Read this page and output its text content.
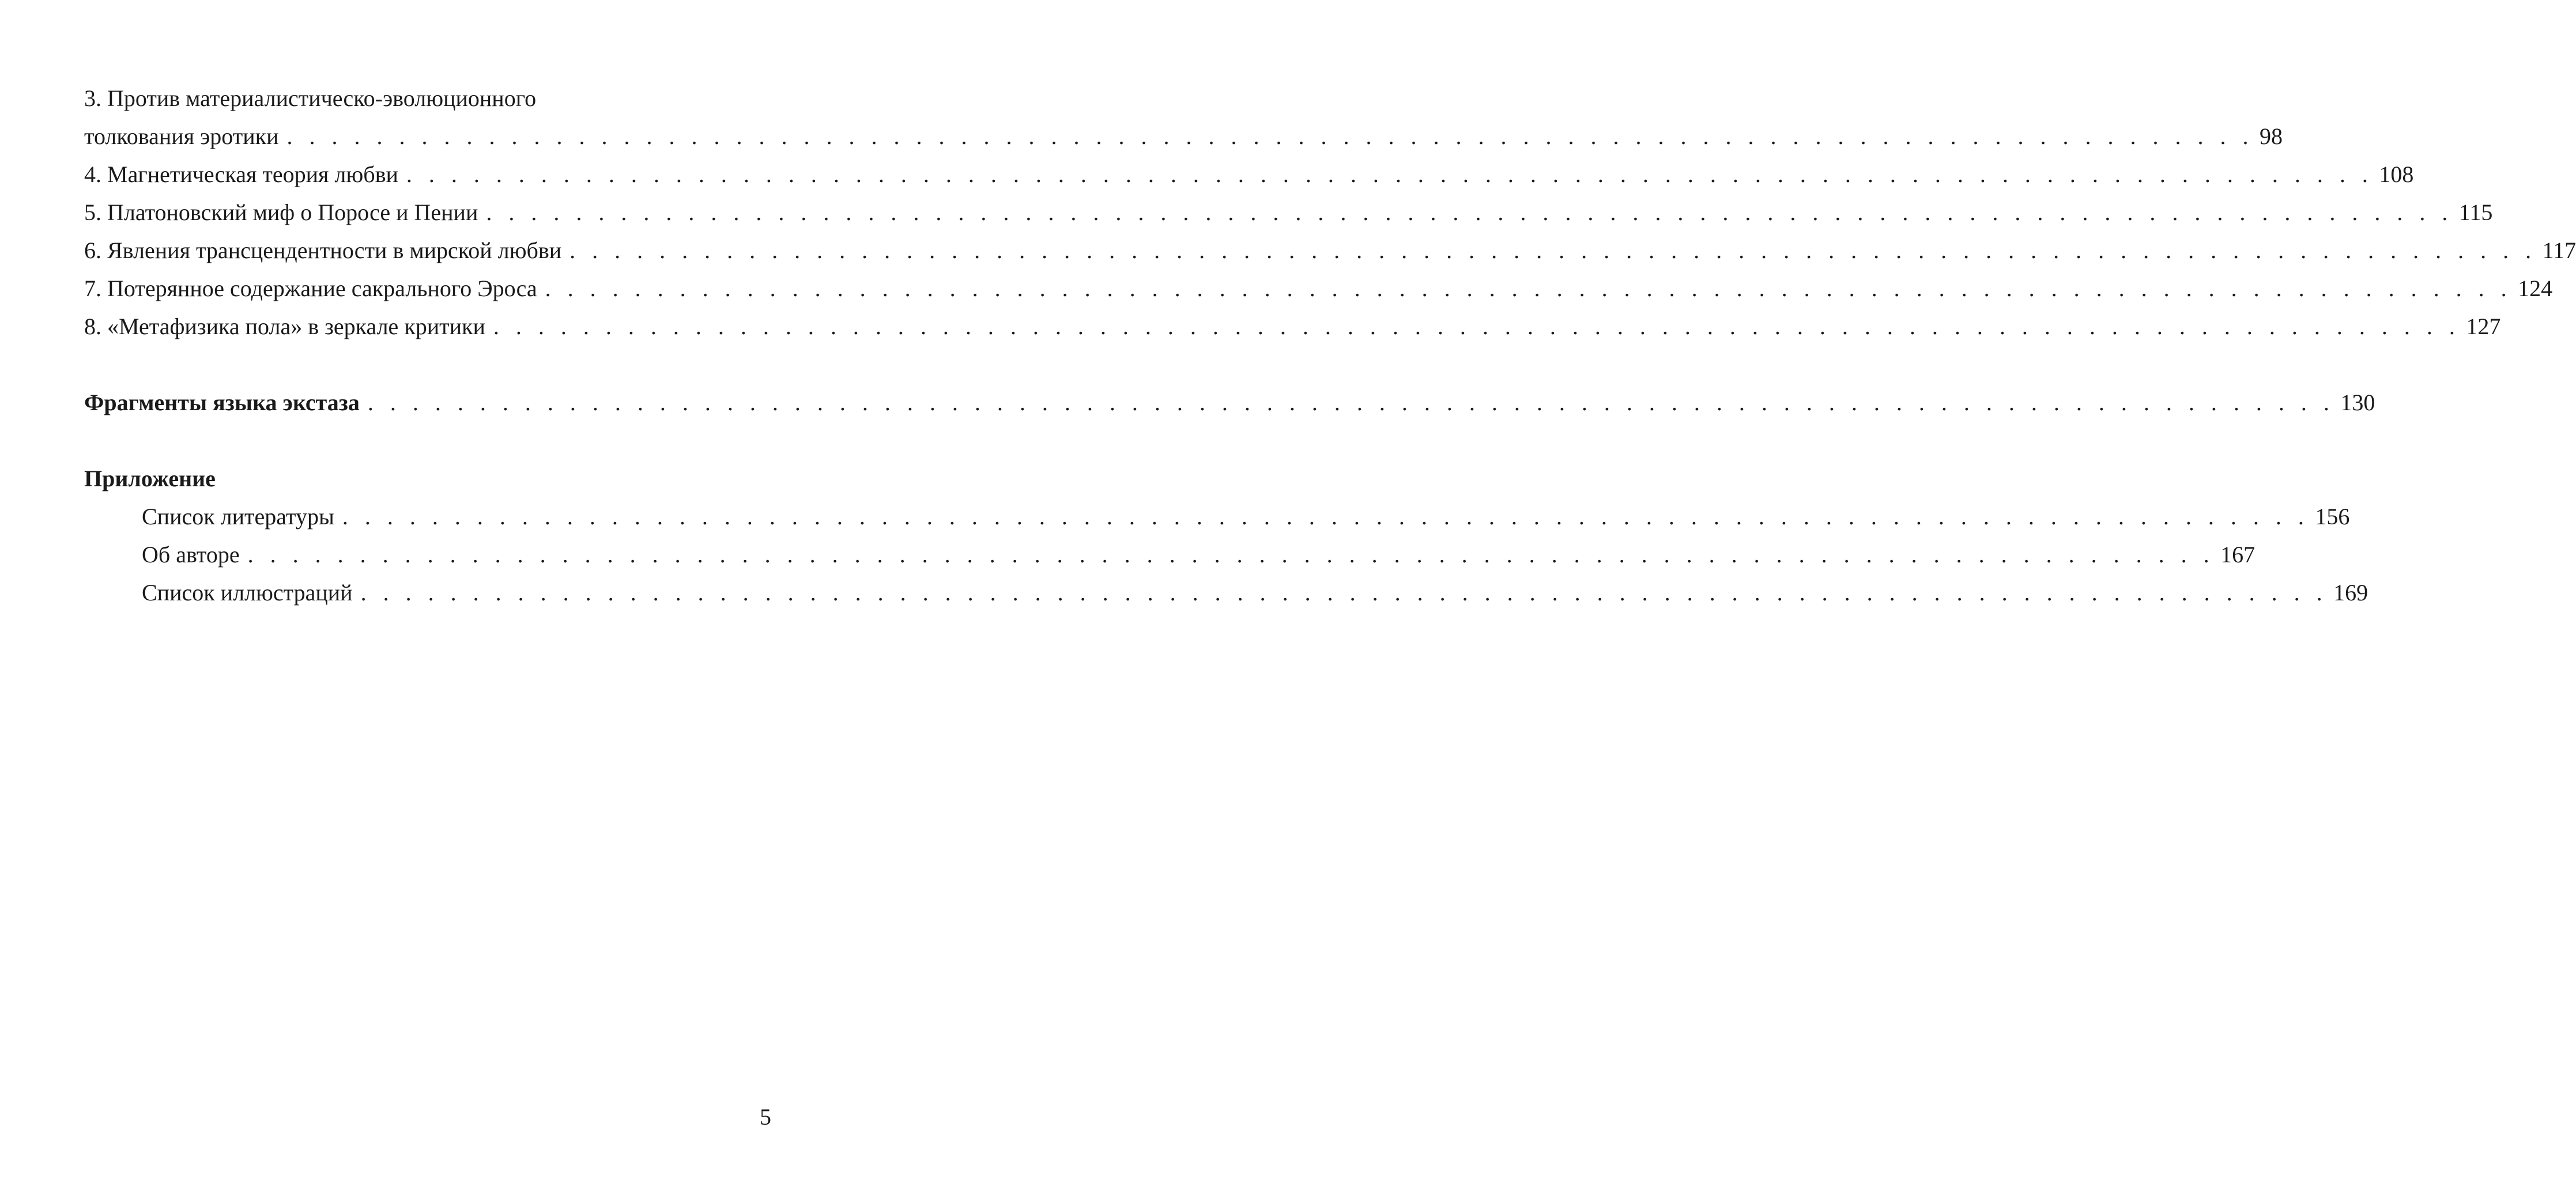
3. Против материалистическо-эволюционного
толкования эротики . . . . . . . . . . . . . . . . . . . . . . . . . . . . . . . . . . . . . . . . . . . . . . . . . . . . . . . . . . . . . . . . . . . . . . . . . . . . . . . . . . . . . . . . 98
4. Магнетическая теория любви . . . . . . . . . . . . . . . . . . . . . . . . . . . . . . . . . . . . . . . . . . . . . . . . . . . . . . . . . . . . . . . . . . . . . . . . . . . . . . . . . . . . . . . . 108
5. Платоновский миф о Поросе и Пении . . . . . . . . . . . . . . . . . . . . . . . . . . . . . . . . . . . . . . . . . . . . . . . . . . . . . . . . . . . . . . . . . . . . . . . . . . . . . . . . . . . . . . . . 115
6. Явления трансцендентности в мирской любви . . . . . . . . . . . . . . . . . . . . . . . . . . . . . . . . . . . . . . . . . . . . . . . . . . . . . . . . . . . . . . . . . . . . . . . . . . . . . . . . . . . . . . . . 117
7. Потерянное содержание сакрального Эроса . . . . . . . . . . . . . . . . . . . . . . . . . . . . . . . . . . . . . . . . . . . . . . . . . . . . . . . . . . . . . . . . . . . . . . . . . . . . . . . . . . . . . . . . 124
8. «Метафизика пола» в зеркале критики . . . . . . . . . . . . . . . . . . . . . . . . . . . . . . . . . . . . . . . . . . . . . . . . . . . . . . . . . . . . . . . . . . . . . . . . . . . . . . . . . . . . . . . . 127
Фрагменты языка экстаза . . . . . . . . . . . . . . . . . . . . . . . . . . . . . . . . . . . . . . . . . . . . . . . . . . . . . . . . . . . . . . . . . . . . . . . . . . . . . . . . . . . . . . . . 130
Приложение
Список литературы . . . . . . . . . . . . . . . . . . . . . . . . . . . . . . . . . . . . . . . . . . . . . . . . . . . . . . . . . . . . . . . . . . . . . . . . . . . . . . . . . . . . . . . . 156
Об авторе . . . . . . . . . . . . . . . . . . . . . . . . . . . . . . . . . . . . . . . . . . . . . . . . . . . . . . . . . . . . . . . . . . . . . . . . . . . . . . . . . . . . . . . . 167
Список иллюстраций . . . . . . . . . . . . . . . . . . . . . . . . . . . . . . . . . . . . . . . . . . . . . . . . . . . . . . . . . . . . . . . . . . . . . . . . . . . . . . . . . . . . . . . . 169
5
